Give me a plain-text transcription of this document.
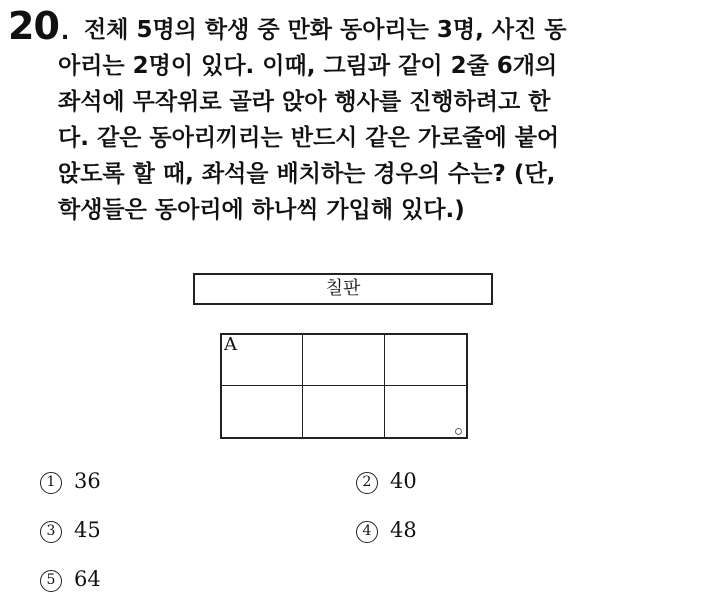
20. 전체 5명의 학생 중 만화 동아리는 3명, 사진 동
아리는 2명이 있다. 이때, 그림과 같이 2줄 6개의
좌석에 무작위로 골라 앉아 행사를 진행하려고 한
다. 같은 동아리끼리는 반드시 같은 가로줄에 붙어
앉도록 할 때, 좌석을 배치하는 경우의 수는? (단,
학생들은 동아리에 하나씩 가입해 있다.)
칠판
A
1 36	2 40
3 45	4 48
5 64
